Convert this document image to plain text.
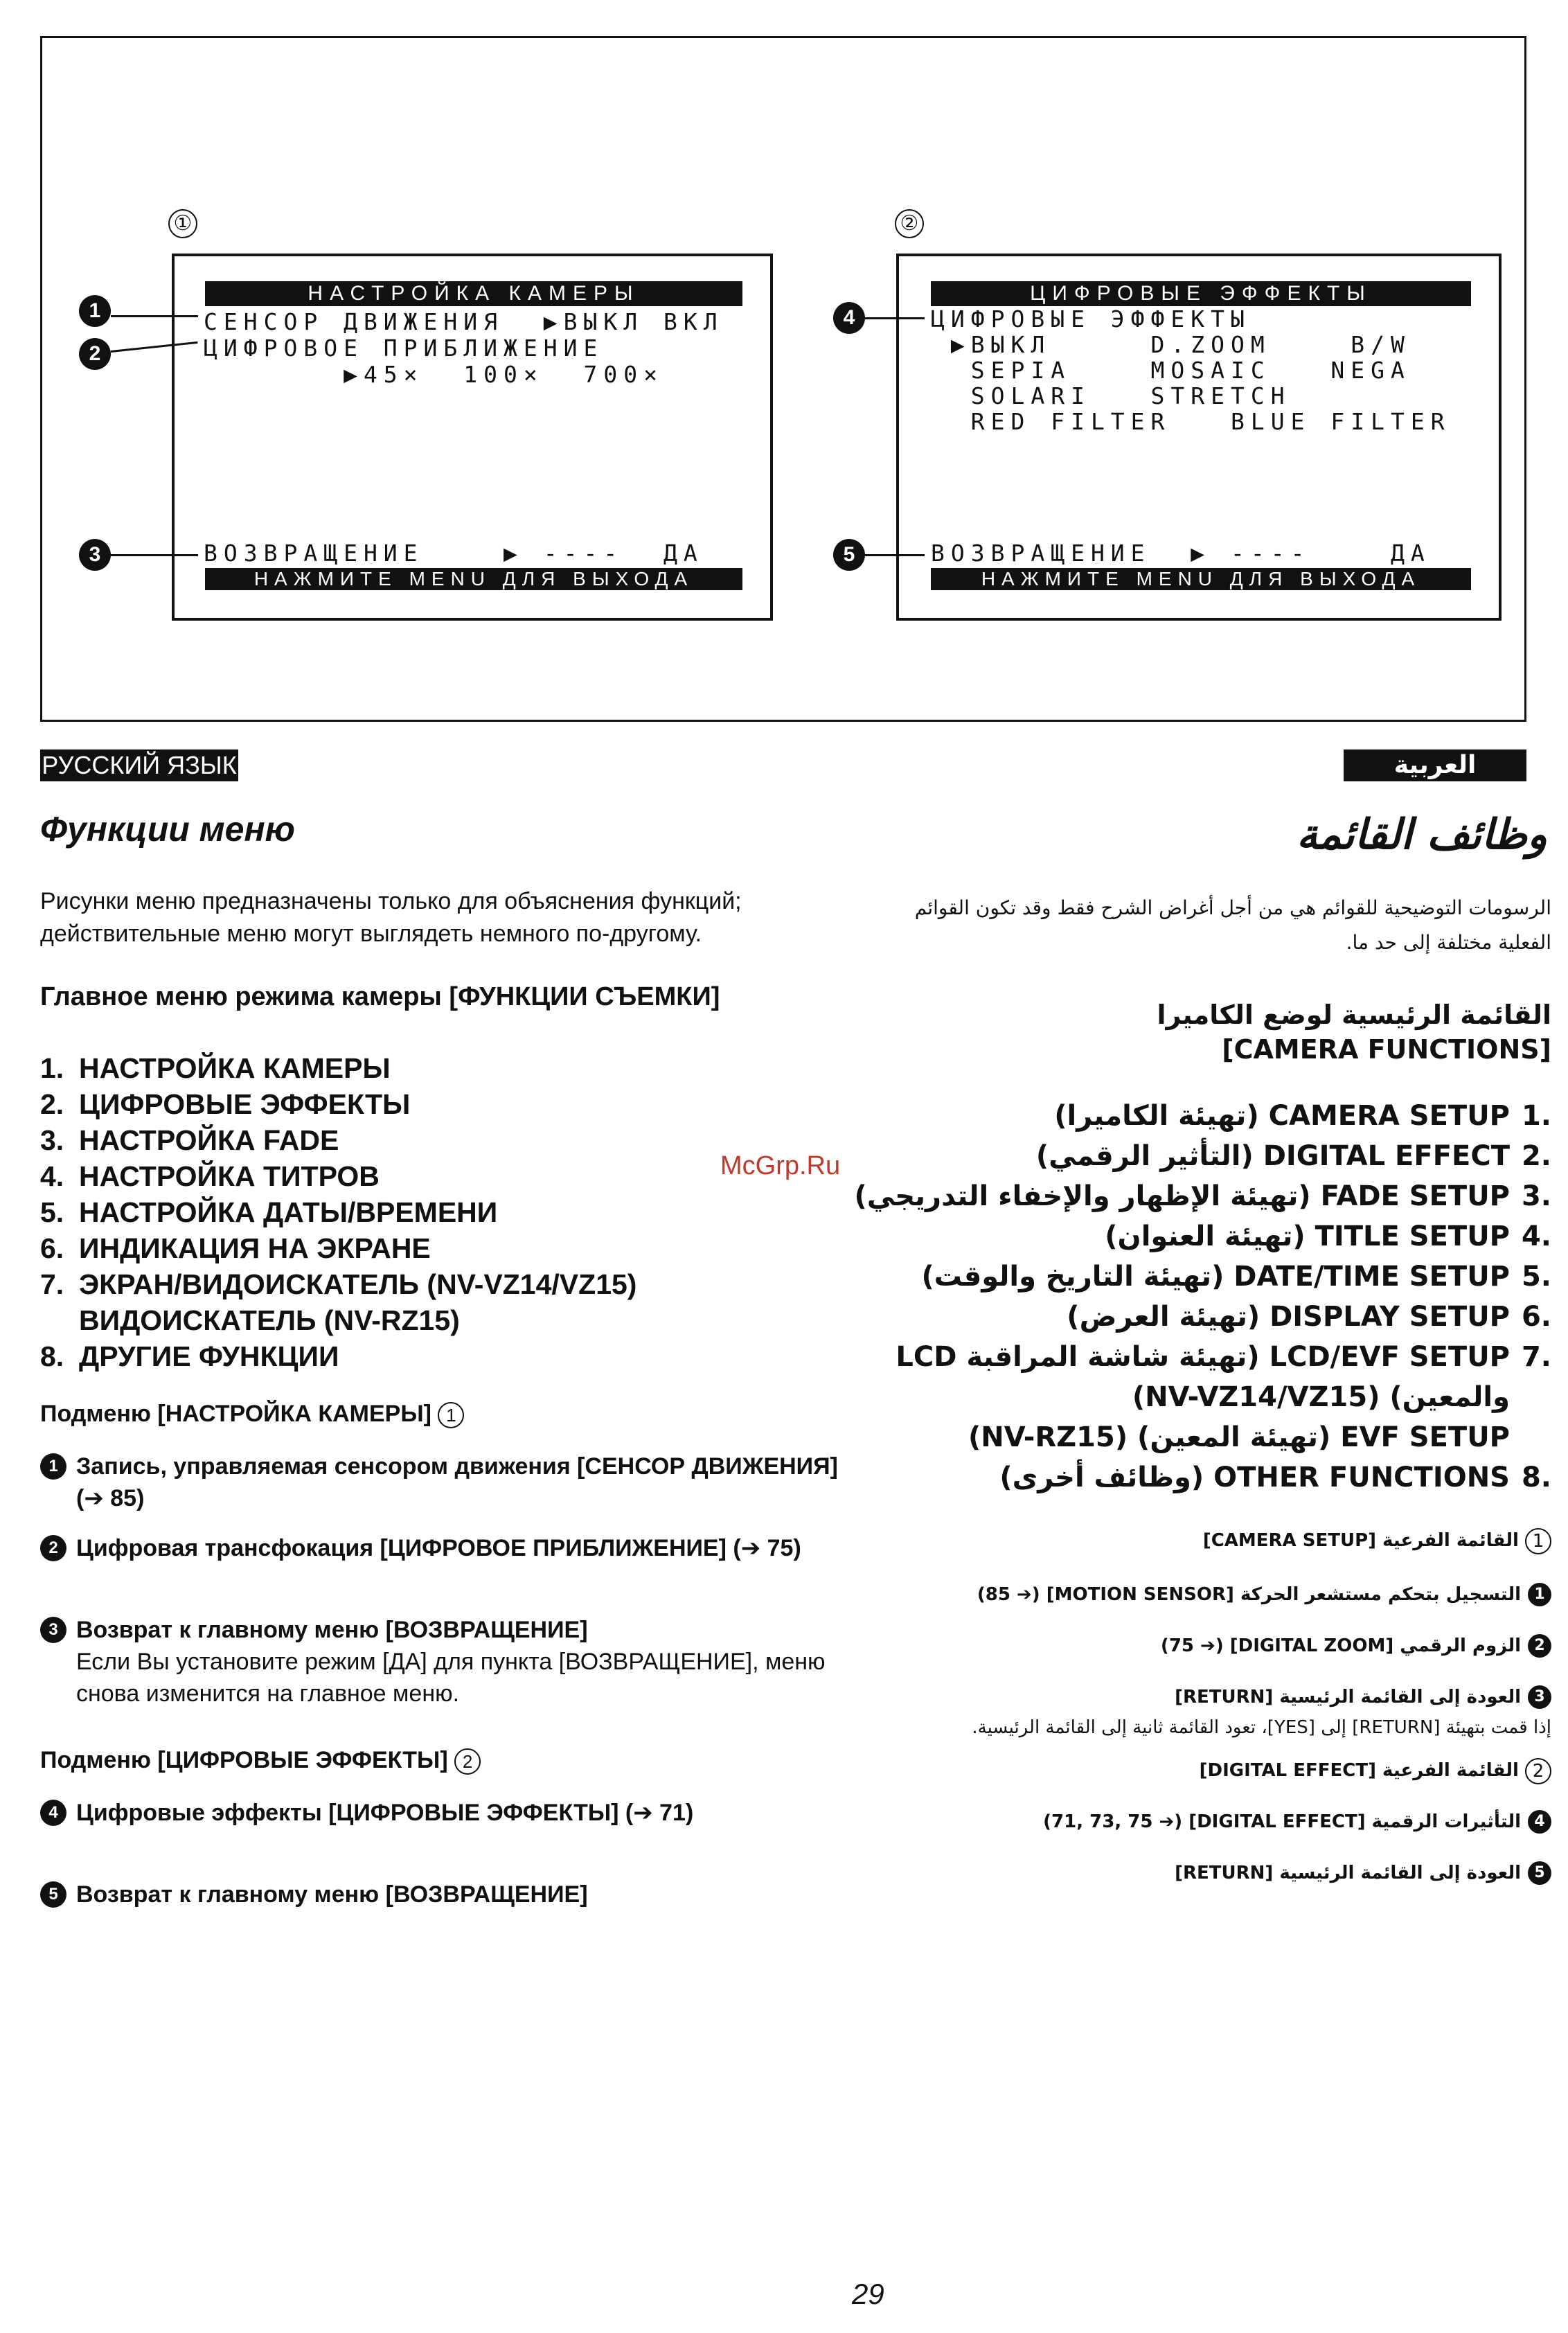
①	②
НАСТРОЙКА КАМЕРЫ
СЕНСОР ДВИЖЕНИЯ  ▶ВЫКЛ ВКЛ
ЦИФРОВОЕ ПРИБЛИЖЕНИЕ
▶45×  100×  700×
ВОЗВРАЩЕНИЕ    ▶ ----  ДА
НАЖМИТЕ MENU ДЛЯ ВЫХОДА
ЦИФРОВЫЕ ЭФФЕКТЫ
ЦИФРОВЫЕ ЭФФЕКТЫ
▶ВЫКЛ     D.ZOOM    B/W
SEPIA    MOSAIC   NEGA
SOLARI   STRETCH
RED FILTER   BLUE FILTER
ВОЗВРАЩЕНИЕ  ▶ ----    ДА
НАЖМИТЕ MENU ДЛЯ ВЫХОДА
1
2
3
4
5
РУССКИЙ ЯЗЫК
Функции меню
Рисунки меню предназначены только для объяснения функций; действительные меню могут выглядеть немного по-другому.
Главное меню режима камеры [ФУНКЦИИ СЪЕМКИ]
1. НАСТРОЙКА КАМЕРЫ
2. ЦИФРОВЫЕ ЭФФЕКТЫ
3. НАСТРОЙКА FADE
4. НАСТРОЙКА ТИТРОВ
5. НАСТРОЙКА ДАТЫ/ВРЕМЕНИ
6. ИНДИКАЦИЯ НА ЭКРАНЕ
7. ЭКРАН/ВИДОИСКАТЕЛЬ (NV-VZ14/VZ15)
ВИДОИСКАТЕЛЬ (NV-RZ15)
8. ДРУГИЕ ФУНКЦИИ
Подменю [НАСТРОЙКА КАМЕРЫ] 1
1 Запись, управляемая сенсором движения [СЕНСОР ДВИЖЕНИЯ] (➔ 85)
2 Цифровая трансфокация [ЦИФРОВОЕ ПРИБЛИЖЕНИЕ] (➔ 75)
3 Возврат к главному меню [ВОЗВРАЩЕНИЕ]
Если Вы установите режим [ДА] для пункта [ВОЗВРАЩЕНИЕ], меню снова изменится на главное меню.
Подменю [ЦИФРОВЫЕ ЭФФЕКТЫ] 2
4 Цифровые эффекты [ЦИФРОВЫЕ ЭФФЕКТЫ] (➔ 71)
5 Возврат к главному меню [ВОЗВРАЩЕНИЕ]
McGrp.Ru
العربية
وظائف القائمة
الرسومات التوضيحية للقوائم هي من أجل أغراض الشرح فقط وقد تكون القوائم الفعلية مختلفة إلى حد ما.
القائمة الرئيسية لوضع الكاميرا
[CAMERA FUNCTIONS]
.1
CAMERA SETUP (تهيئة الكاميرا)
.2
DIGITAL EFFECT (التأثير الرقمي)
.3
FADE SETUP (تهيئة الإظهار والإخفاء التدريجي)
.4
TITLE SETUP (تهيئة العنوان)
.5
DATE/TIME SETUP (تهيئة التاريخ والوقت)
.6
DISPLAY SETUP (تهيئة العرض)
.7
LCD/EVF SETUP (تهيئة شاشة المراقبة LCD والمعين) (NV-VZ14/VZ15)
EVF SETUP (تهيئة المعين) (NV-RZ15)
.8
OTHER FUNCTIONS (وظائف أخرى)
1 القائمة الفرعية [CAMERA SETUP]
1
التسجيل بتحكم مستشعر الحركة [MOTION SENSOR] (➔ 85)
2
الزوم الرقمي [DIGITAL ZOOM] (➔ 75)
3
العودة إلى القائمة الرئيسية [RETURN]
إذا قمت بتهيئة [RETURN] إلى [YES]، تعود القائمة ثانية إلى القائمة الرئيسية.
2 القائمة الفرعية [DIGITAL EFFECT]
4
التأثيرات الرقمية [DIGITAL EFFECT] (➔ 71, 73, 75)
5
العودة إلى القائمة الرئيسية [RETURN]
29
